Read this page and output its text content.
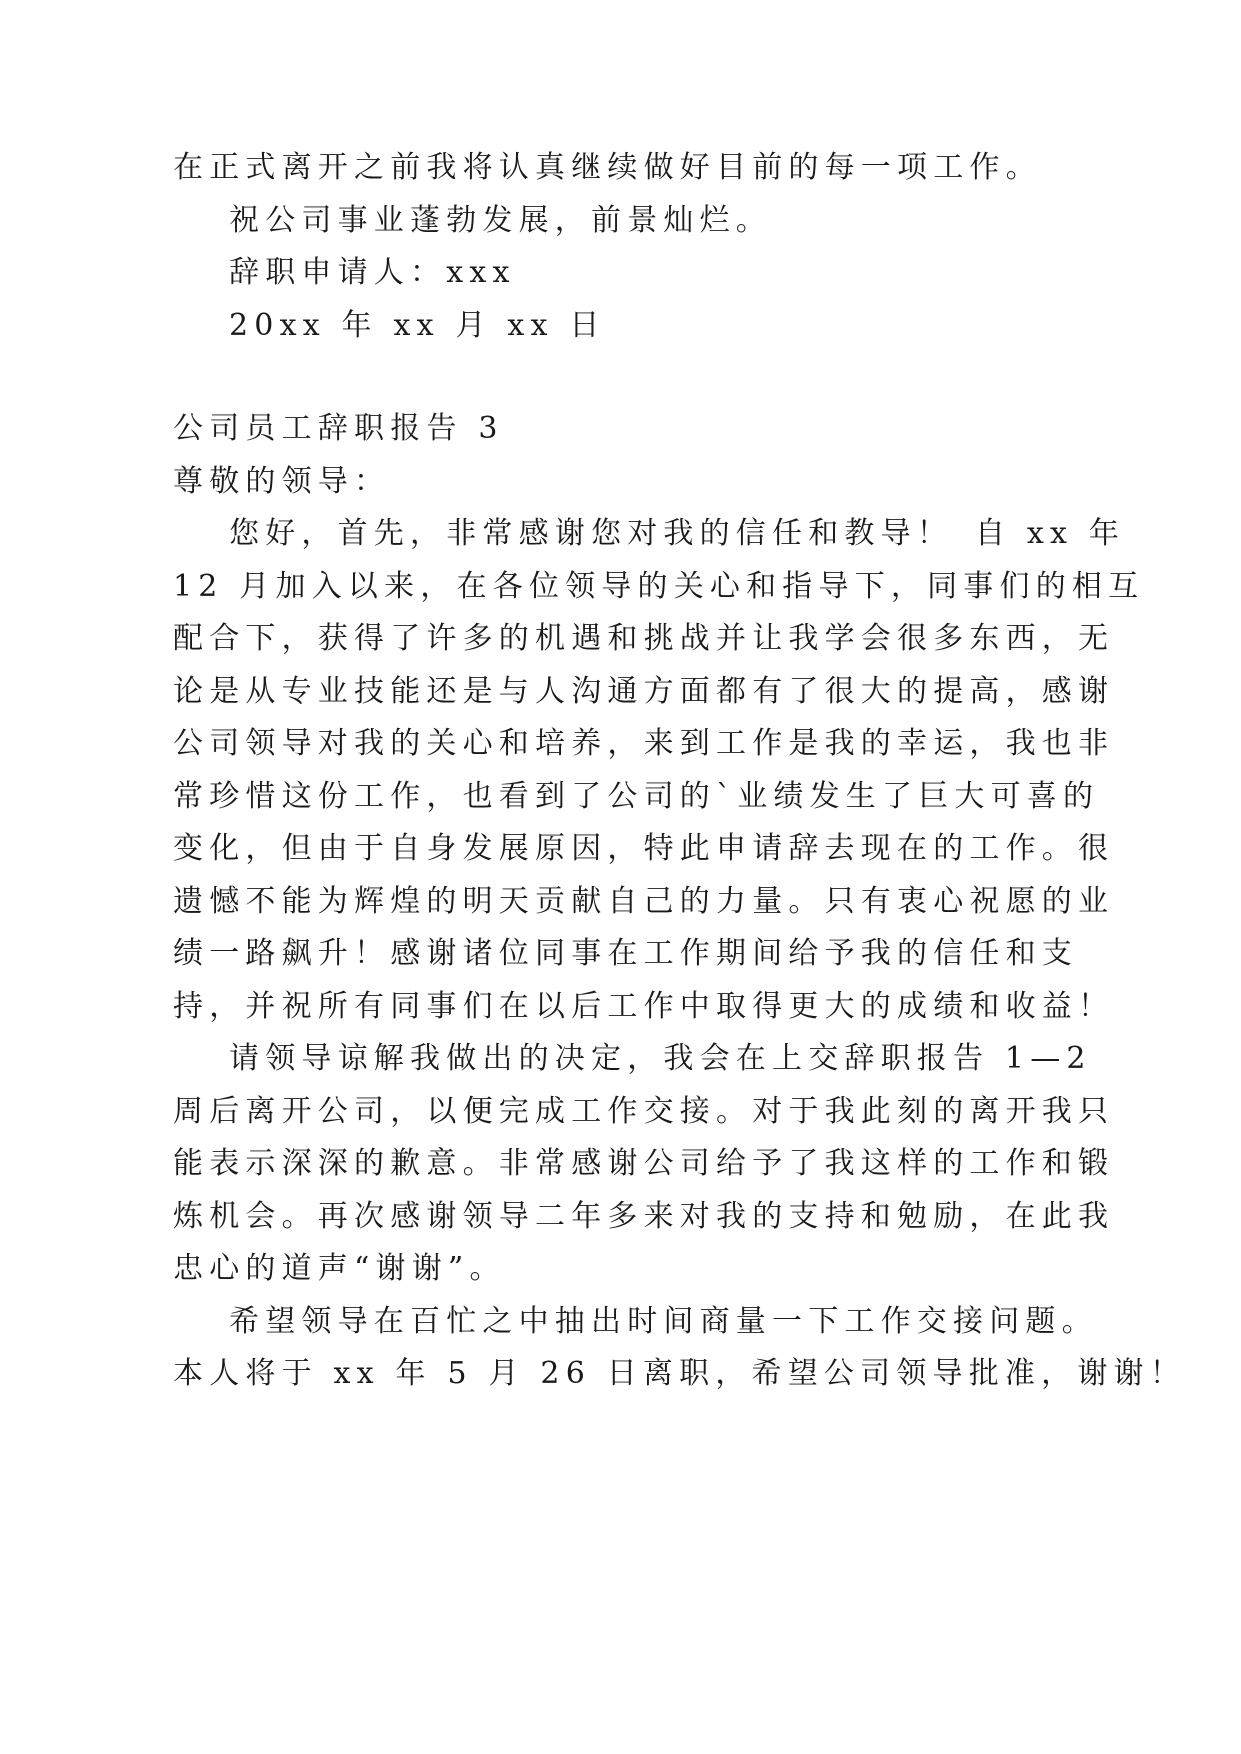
在正式离开之前我将认真继续做好目前的每一项工作。
祝公司事业蓬勃发展，前景灿烂。
辞职申请人：xxx
20xx 年 xx 月 xx 日
公司员工辞职报告 3
尊敬的领导：
您好，首先，非常感谢您对我的信任和教导！ 自 xx 年
12 月加入以来，在各位领导的关心和指导下，同事们的相互
配合下，获得了许多的机遇和挑战并让我学会很多东西，无
论是从专业技能还是与人沟通方面都有了很大的提高，感谢
公司领导对我的关心和培养，来到工作是我的幸运，我也非
常珍惜这份工作，也看到了公司的`业绩发生了巨大可喜的
变化，但由于自身发展原因，特此申请辞去现在的工作。很
遗憾不能为辉煌的明天贡献自己的力量。只有衷心祝愿的业
绩一路飙升！感谢诸位同事在工作期间给予我的信任和支
持，并祝所有同事们在以后工作中取得更大的成绩和收益！
请领导谅解我做出的决定，我会在上交辞职报告 1—2
周后离开公司，以便完成工作交接。对于我此刻的离开我只
能表示深深的歉意。非常感谢公司给予了我这样的工作和锻
炼机会。再次感谢领导二年多来对我的支持和勉励，在此我
忠心的道声“谢谢”。
希望领导在百忙之中抽出时间商量一下工作交接问题。
本人将于 xx 年 5 月 26 日离职，希望公司领导批准，谢谢！
